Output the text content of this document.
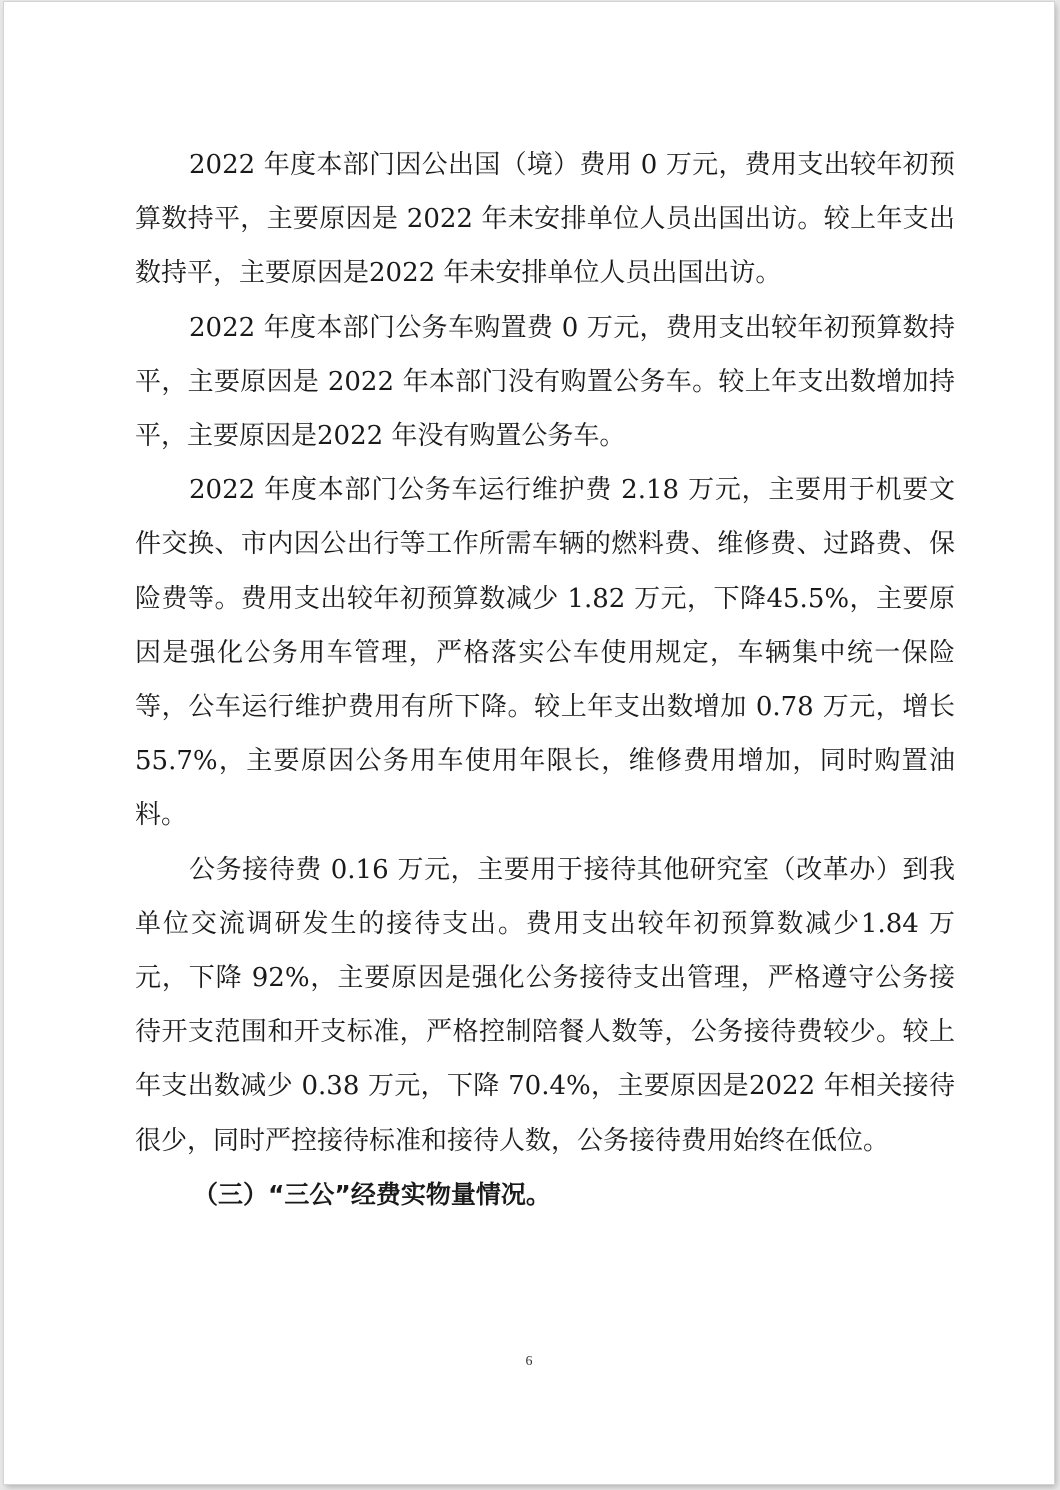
2022 年度本部门因公出国（境）费用 0 万元，费用支出较年初预算数持平，主要原因是 2022 年未安排单位人员出国出访。较上年支出数持平，主要原因是2022 年未安排单位人员出国出访。

2022 年度本部门公务车购置费 0 万元，费用支出较年初预算数持平，主要原因是 2022 年本部门没有购置公务车。较上年支出数增加持平，主要原因是2022 年没有购置公务车。

2022 年度本部门公务车运行维护费 2.18 万元，主要用于机要文件交换、市内因公出行等工作所需车辆的燃料费、维修费、过路费、保险费等。费用支出较年初预算数减少 1.82 万元，下降45.5%，主要原因是强化公务用车管理，严格落实公车使用规定，车辆集中统一保险等，公车运行维护费用有所下降。较上年支出数增加 0.78 万元，增长 55.7%，主要原因公务用车使用年限长，维修费用增加，同时购置油料。

公务接待费 0.16 万元，主要用于接待其他研究室（改革办）到我单位交流调研发生的接待支出。费用支出较年初预算数减少1.84 万元，下降 92%，主要原因是强化公务接待支出管理，严格遵守公务接待开支范围和开支标准，严格控制陪餐人数等，公务接待费较少。较上年支出数减少 0.38 万元，下降 70.4%，主要原因是2022 年相关接待很少，同时严控接待标准和接待人数，公务接待费用始终在低位。

（三）“三公”经费实物量情况。

6
